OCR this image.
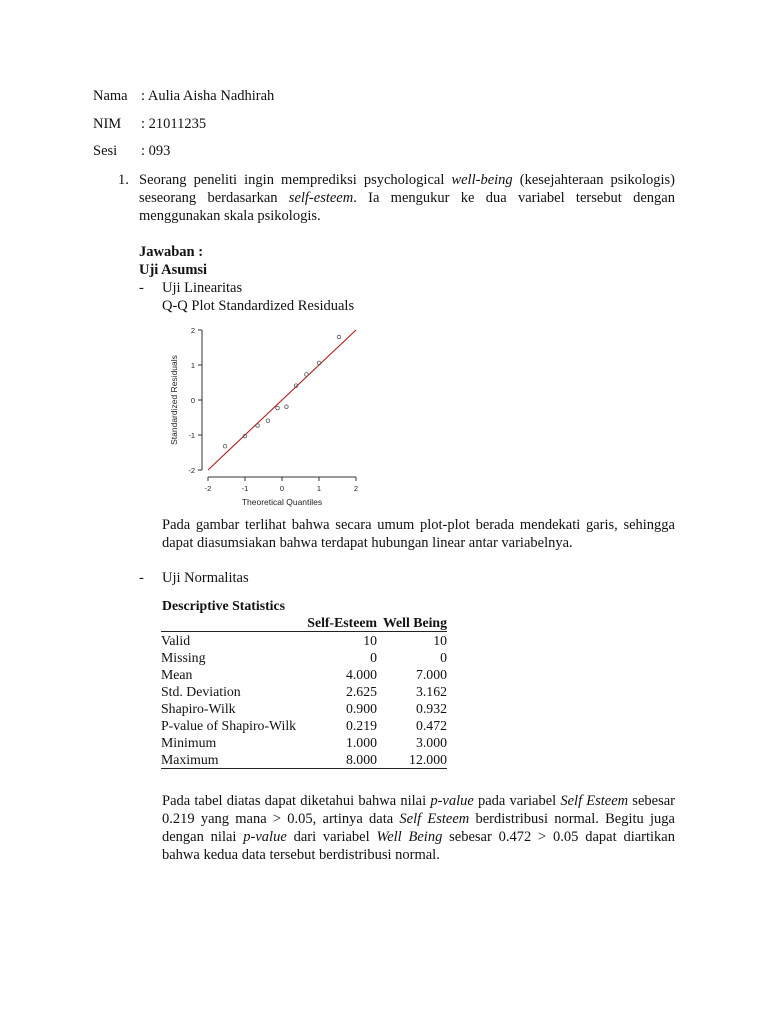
Nama : Aulia Aisha Nadhirah
NIM : 21011235
Sesi : 093
1. Seorang peneliti ingin memprediksi psychological well-being (kesejahteraan psikologis) seseorang berdasarkan self-esteem. Ia mengukur ke dua variabel tersebut dengan menggunakan skala psikologis.
Jawaban :
Uji Asumsi
- Uji Linearitas
Q-Q Plot Standardized Residuals
2
1
0
-1
-2
-2	-1	0	1	2
Theoretical Quantiles
Standardized Residuals
Pada gambar terlihat bahwa secara umum plot-plot berada mendekati garis, sehingga dapat diasumsiakan bahwa terdapat hubungan linear antar variabelnya.
- Uji Normalitas
Descriptive Statistics
	Self-Esteem	Well Being
Valid	10	10
Missing	0	0
Mean	4.000	7.000
Std. Deviation	2.625	3.162
Shapiro-Wilk	0.900	0.932
P-value of Shapiro-Wilk	0.219	0.472
Minimum	1.000	3.000
Maximum	8.000	12.000
Pada tabel diatas dapat diketahui bahwa nilai p-value pada variabel Self Esteem sebesar 0.219 yang mana > 0.05, artinya data Self Esteem berdistribusi normal. Begitu juga dengan nilai p-value dari variabel Well Being sebesar 0.472 > 0.05 dapat diartikan bahwa kedua data tersebut berdistribusi normal.
